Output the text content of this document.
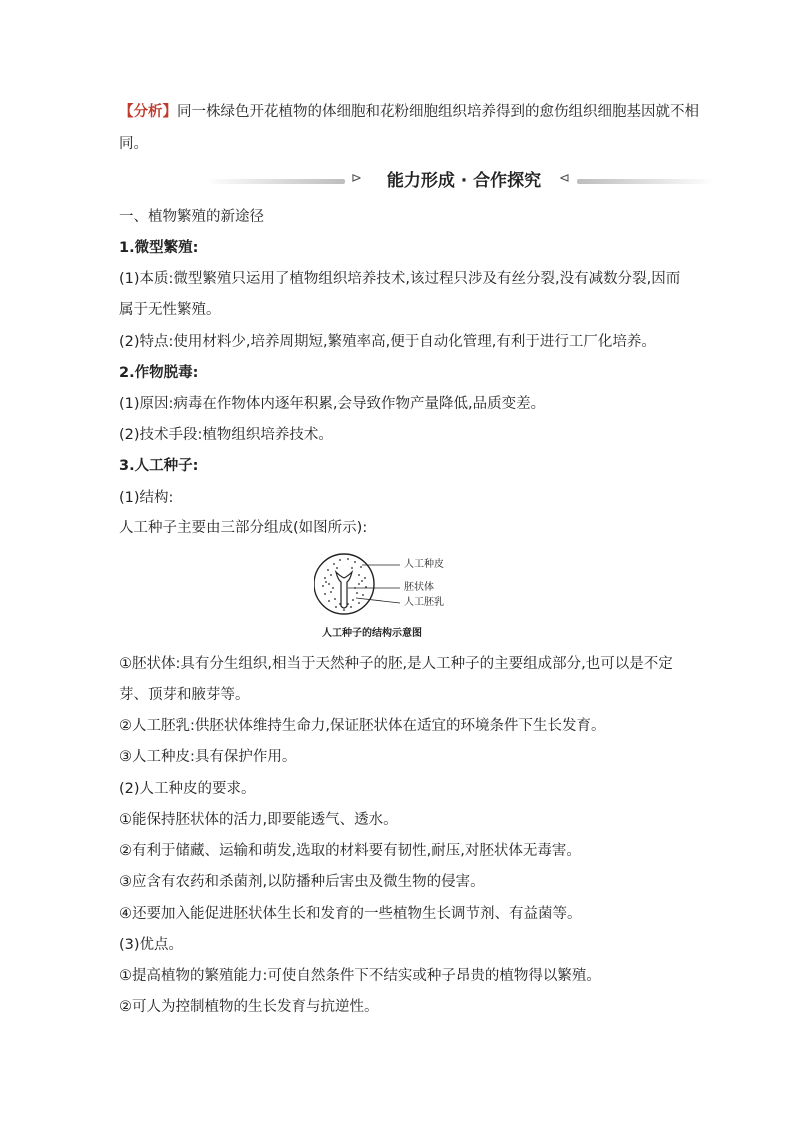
【分析】同一株绿色开花植物的体细胞和花粉细胞组织培养得到的愈伤组织细胞基因就不相
同。
⊳	能力形成 · 合作探究	⊲
一、植物繁殖的新途径
1.微型繁殖:
(1)本质:微型繁殖只运用了植物组织培养技术,该过程只涉及有丝分裂,没有减数分裂,因而
属于无性繁殖。
(2)特点:使用材料少,培养周期短,繁殖率高,便于自动化管理,有利于进行工厂化培养。
2.作物脱毒:
(1)原因:病毒在作物体内逐年积累,会导致作物产量降低,品质变差。
(2)技术手段:植物组织培养技术。
3.人工种子:
(1)结构:
人工种子主要由三部分组成(如图所示):
人工种皮
胚状体
人工胚乳
人工种子的结构示意图
①胚状体:具有分生组织,相当于天然种子的胚,是人工种子的主要组成部分,也可以是不定
芽、顶芽和腋芽等。
②人工胚乳:供胚状体维持生命力,保证胚状体在适宜的环境条件下生长发育。
③人工种皮:具有保护作用。
(2)人工种皮的要求。
①能保持胚状体的活力,即要能透气、透水。
②有利于储藏、运输和萌发,选取的材料要有韧性,耐压,对胚状体无毒害。
③应含有农药和杀菌剂,以防播种后害虫及微生物的侵害。
④还要加入能促进胚状体生长和发育的一些植物生长调节剂、有益菌等。
(3)优点。
①提高植物的繁殖能力:可使自然条件下不结实或种子昂贵的植物得以繁殖。
②可人为控制植物的生长发育与抗逆性。
